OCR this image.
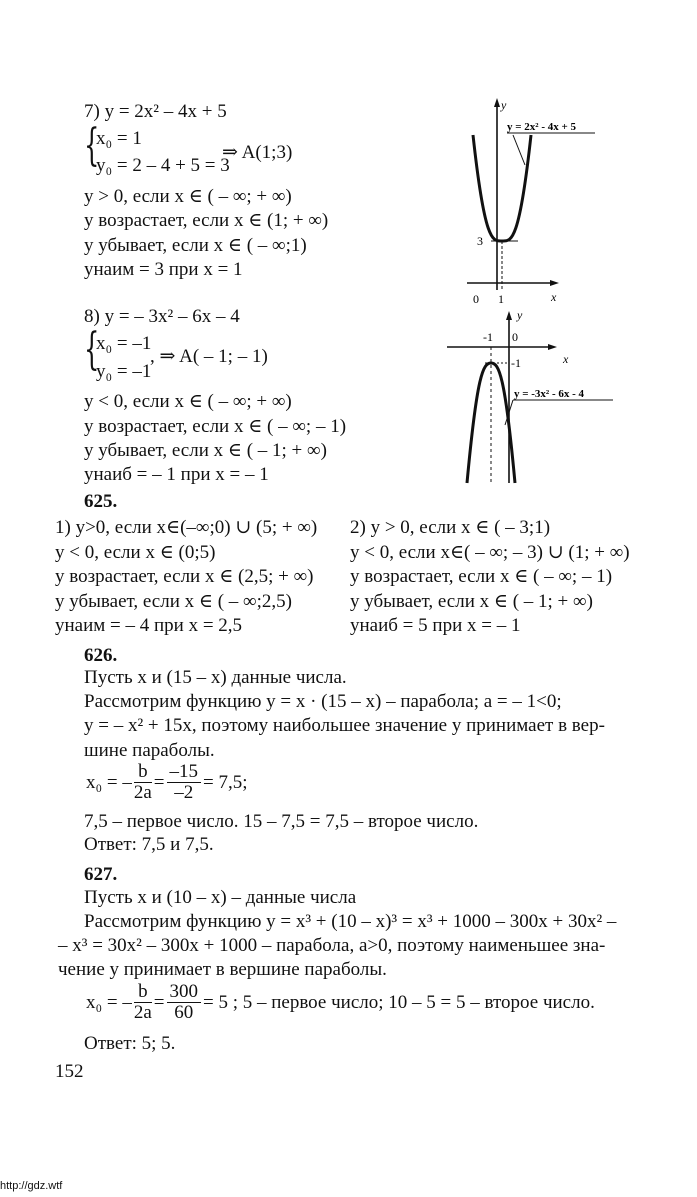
7) y = 2x² – 4x + 5
{
x₀ = 1
y₀ = 2 – 4 + 5 = 3
⇒ A(1;3)
y > 0, если x ∈ ( – ∞; + ∞)
y возрастает, если x ∈ (1; + ∞)
y убывает, если x ∈ ( – ∞;1)
yнаим = 3 при x = 1
y
x
0 1
3
y = 2x² - 4x + 5
8) y = – 3x² – 6x – 4
{
x₀ = –1
y₀ = –1
, ⇒ A( – 1; – 1)
y < 0, если x ∈ ( – ∞; + ∞)
y возрастает, если x ∈ ( – ∞; – 1)
y убывает, если x ∈ ( – 1; + ∞)
yнаиб = – 1 при x = – 1
y
x
0
-1
-1
y = -3x² - 6x - 4
625.
1) y>0, если x∈(–∞;0) ∪ (5; + ∞)
y < 0, если x ∈ (0;5)
y возрастает, если x ∈ (2,5; + ∞)
y убывает, если x ∈ ( – ∞;2,5)
yнаим = – 4 при x = 2,5
2) y > 0, если x ∈ ( – 3;1)
y < 0, если x∈( – ∞; – 3) ∪ (1; + ∞)
y возрастает, если x ∈ ( – ∞; – 1)
y убывает, если x ∈ ( – 1; + ∞)
yнаиб = 5 при x = – 1
626.
Пусть x и (15 – x) данные числа.
Рассмотрим функцию y = x · (15 – x) – парабола; a = – 1<0;
y = – x² + 15x, поэтому наибольшее значение y принимает в вер-
шине параболы.
x₀ = – $\frac{b}{2a} = \frac{-15}{-2} = 7,5$;
7,5 – первое число. 15 – 7,5 = 7,5 – второе число.
Ответ: 7,5 и 7,5.
627.
Пусть x и (10 – x) – данные числа
Рассмотрим функцию y = x³ + (10 – x)³ = x³ + 1000 – 300x + 30x² –
– x³ = 30x² – 300x + 1000 – парабола, a>0, поэтому наименьшее зна-
чение y принимает в вершине параболы.
x₀ = – $\frac{b}{2a} = \frac{300}{60} = 5$ ; 5 – первое число; 10 – 5 = 5 – второе число.
Ответ: 5; 5.
152
http://gdz.wtf
